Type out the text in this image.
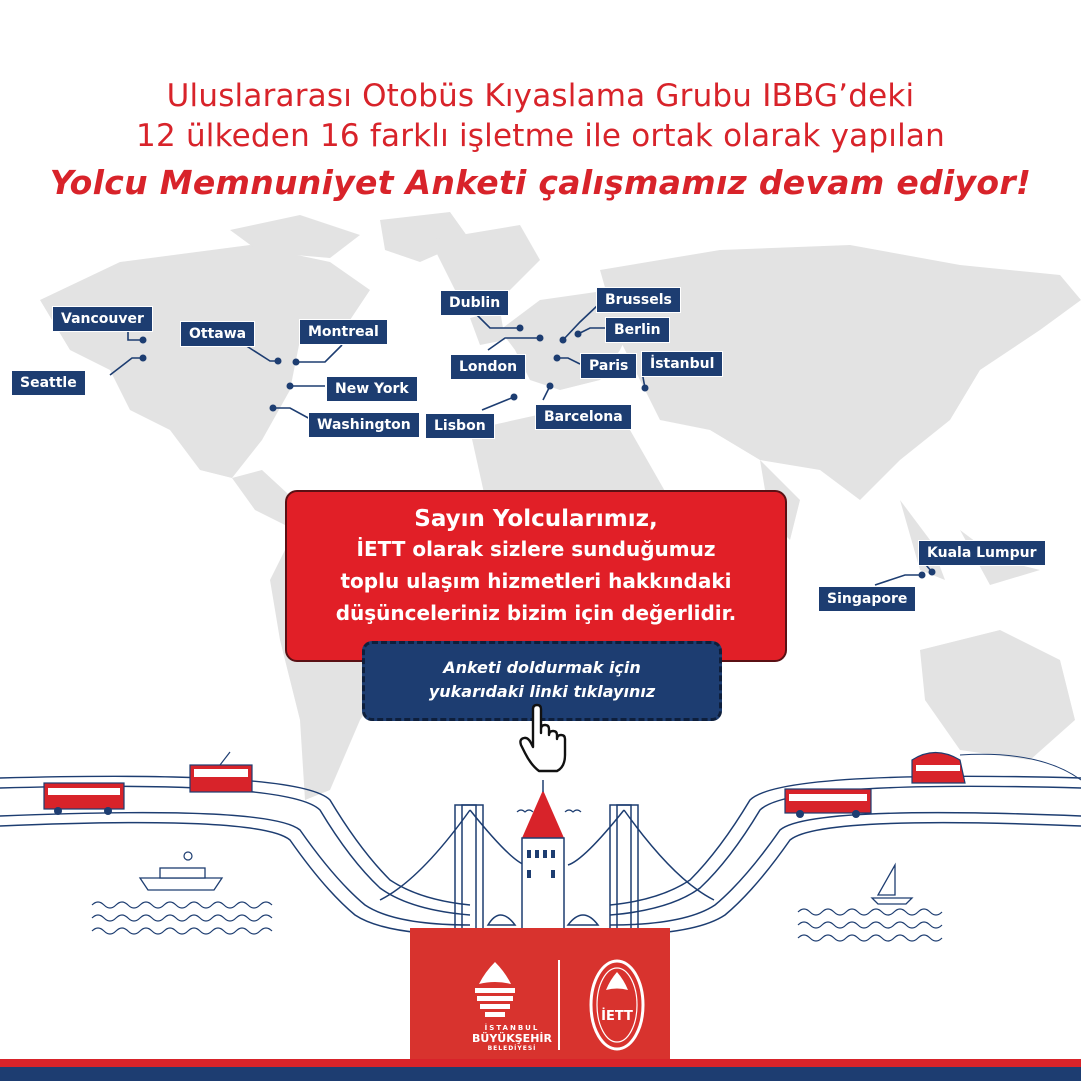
Uluslararası Otobüs Kıyaslama Grubu IBBG’deki
12 ülkeden 16 farklı işletme ile ortak olarak yapılan
Yolcu Memnuniyet Anketi çalışmamız devam ediyor!
Vancouver
Seattle
Ottawa	Montreal
New York
Washington
Dublin
London
Lisbon
Brussels
Berlin
Paris	İstanbul
Barcelona
Kuala Lumpur
Singapore
Sayın Yolcularımız,
İETT olarak sizlere sunduğumuz
toplu ulaşım hizmetleri hakkındaki
düşünceleriniz bizim için değerlidir.
Anketi doldurmak için
yukarıdaki linki tıklayınız
İSTANBUL
BÜYÜKŞEHİR
BELEDİYESİ
İETT
